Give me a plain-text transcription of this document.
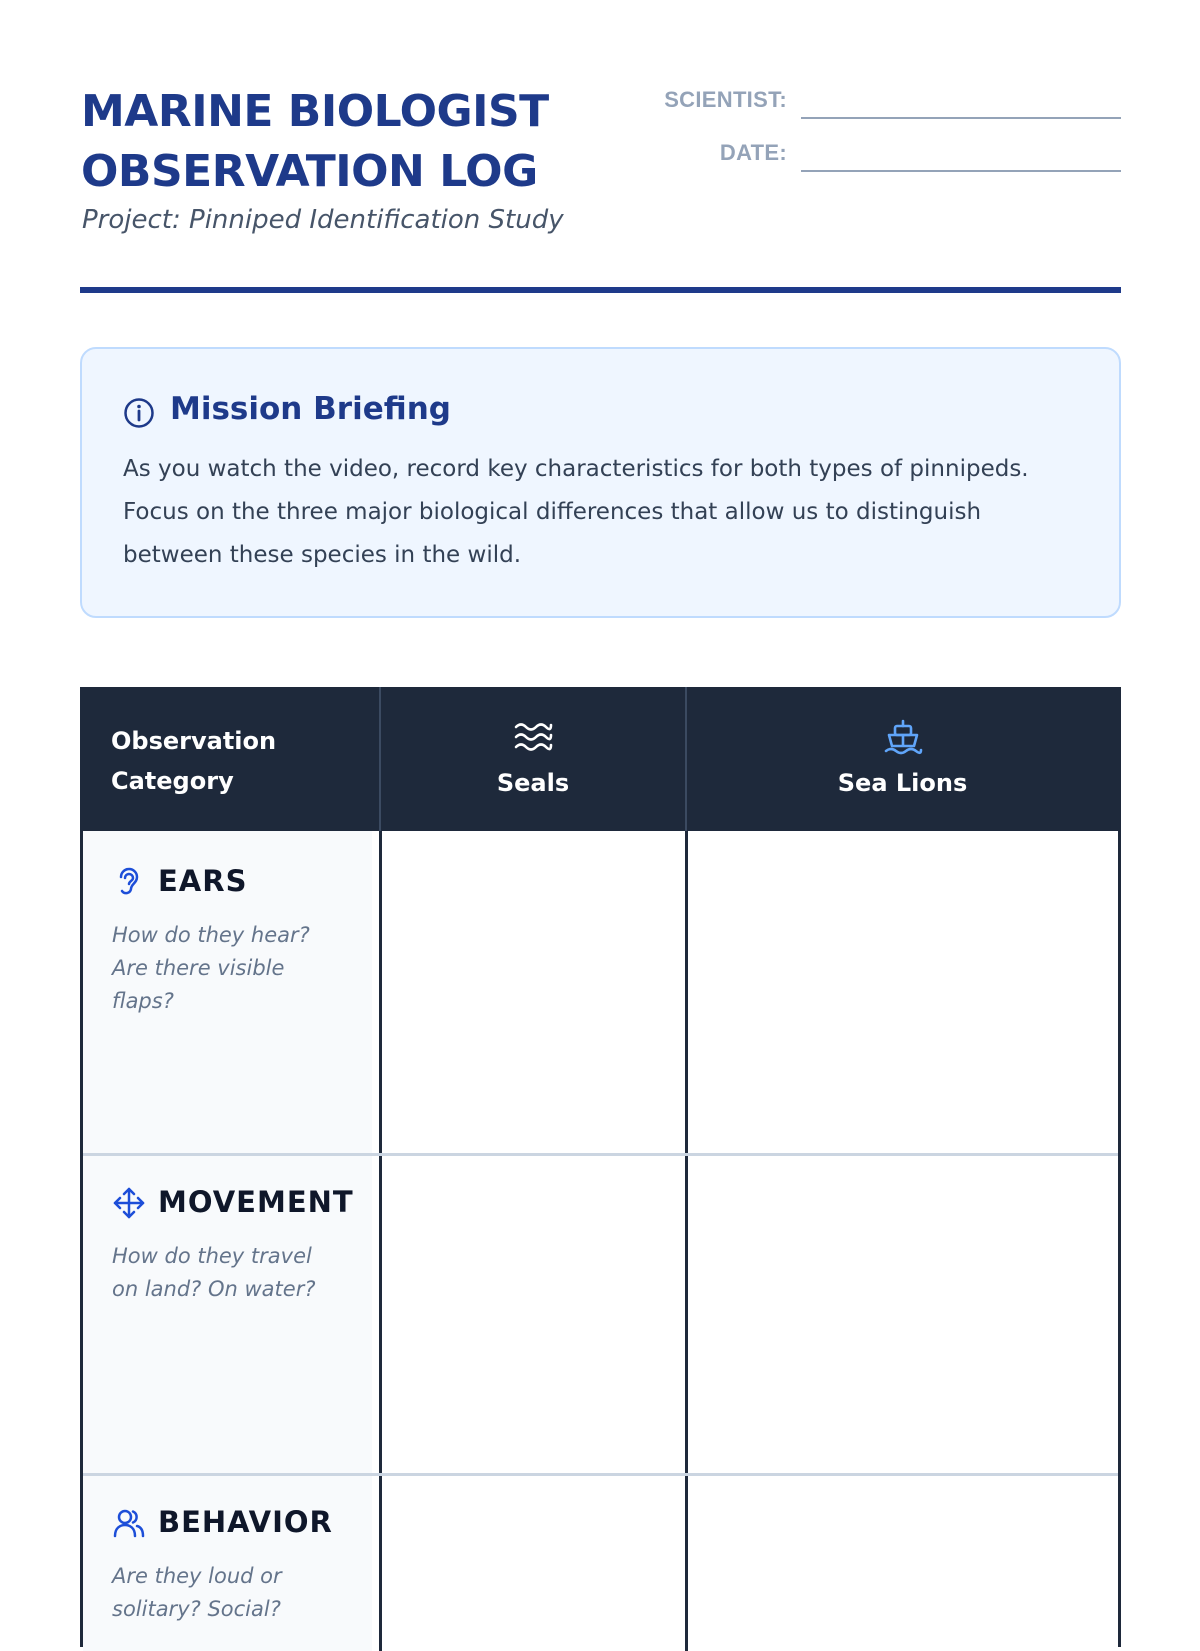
MARINE BIOLOGIST
OBSERVATION LOG
Project: Pinniped Identification Study
SCIENTIST:
DATE:
Mission Briefing
As you watch the video, record key characteristics for both types of pinnipeds. Focus on the three major biological differences that allow us to distinguish between these species in the wild.
Observation
Category	Seals	Sea Lions
EARS
How do they hear? Are there visible flaps?
MOVEMENT
How do they travel on land? On water?
BEHAVIOR
Are they loud or solitary? Social?
